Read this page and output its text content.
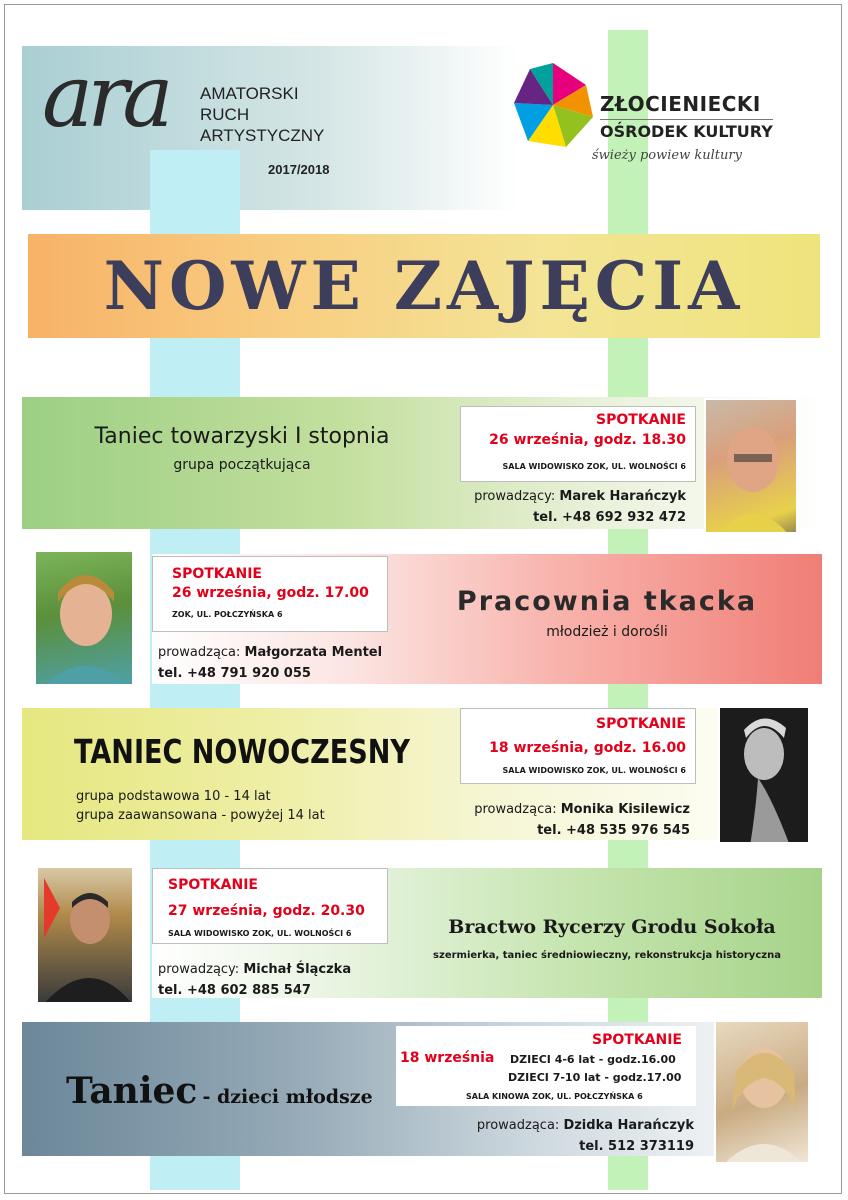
ara AMATORSKI
RUCH
ARTYSTYCZNY
2017/2018
ZŁOCIENIECKI
OŚRODEK KULTURY
świeży powiew kultury
NOWE ZAJĘCIA
Taniec towarzyski I stopnia
grupa początkująca
SPOTKANIE
26 września, godz. 18.30
SALA WIDOWISKO ZOK, UL. WOLNOŚCI 6
prowadzący: Marek Harańczyk
tel. +48 692 932 472
SPOTKANIE
26 września, godz. 17.00
ZOK, UL. POŁCZYŃSKA 6
prowadząca: Małgorzata Mentel
tel. +48 791 920 055
Pracownia tkacka
młodzież i dorośli
TANIEC NOWOCZESNY
grupa podstawowa 10 - 14 lat
grupa zaawansowana - powyżej 14 lat
SPOTKANIE
18 września, godz. 16.00
SALA WIDOWISKO ZOK, UL. WOLNOŚCI 6
prowadząca: Monika Kisilewicz
tel. +48 535 976 545
SPOTKANIE
27 września, godz. 20.30
SALA WIDOWISKO ZOK, UL. WOLNOŚCI 6
prowadzący: Michał Ślączka
tel. +48 602 885 547
Bractwo Rycerzy Grodu Sokoła
szermierka, taniec średniowieczny, rekonstrukcja historyczna
Taniec - dzieci młodsze
SPOTKANIE
18 września DZIECI 4-6 lat - godz.16.00
DZIECI 7-10 lat - godz.17.00
SALA KINOWA ZOK, UL. POŁCZYŃSKA 6
prowadząca: Dzidka Harańczyk
tel. 512 373119
